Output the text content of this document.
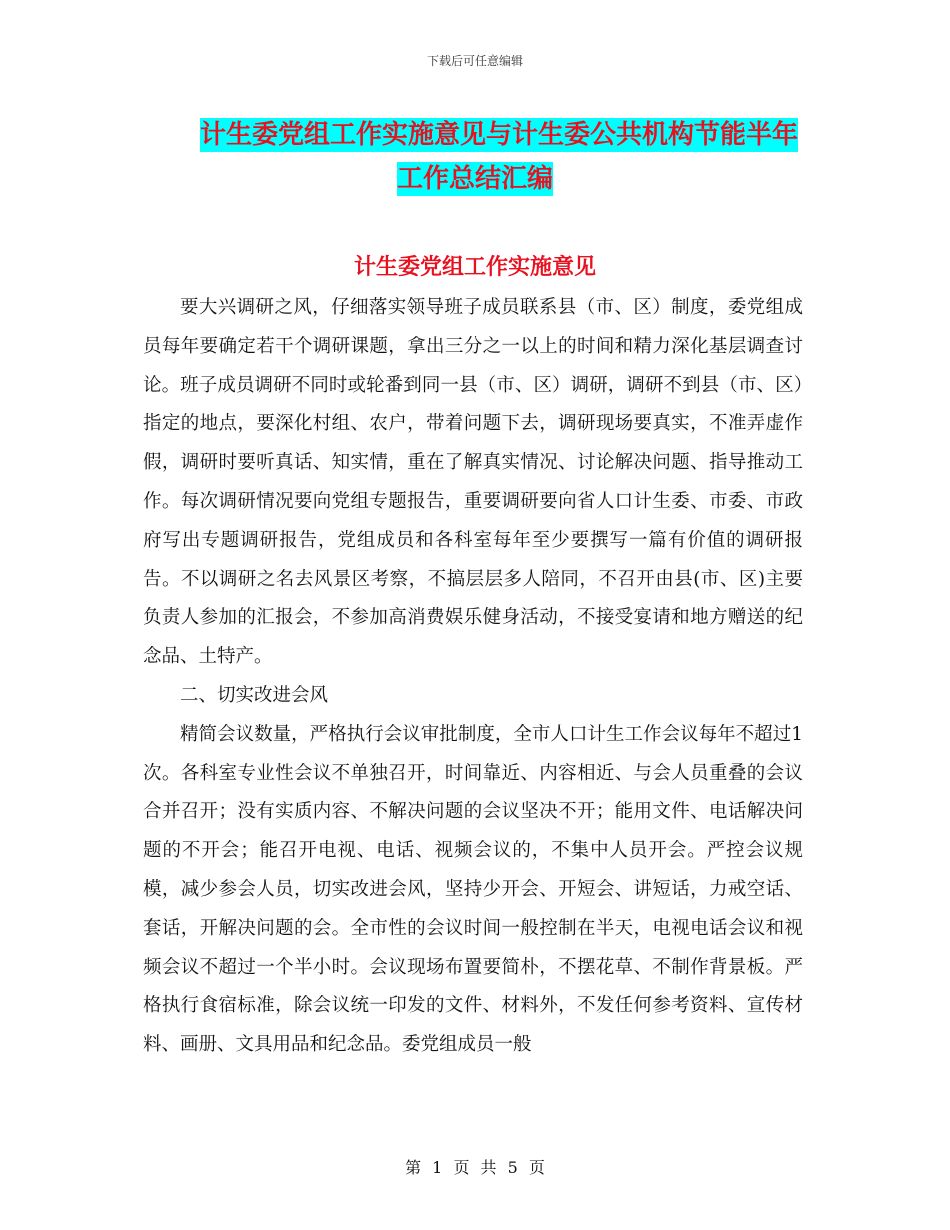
下载后可任意编辑
计生委党组工作实施意见与计生委公共机构节能半年
工作总结汇编
计生委党组工作实施意见

要大兴调研之风，仔细落实领导班子成员联系县（市、区）制度，委党组成员每年要确定若干个调研课题，拿出三分之一以上的时间和精力深化基层调查讨论。班子成员调研不同时或轮番到同一县（市、区）调研，调研不到县（市、区）指定的地点，要深化村组、农户，带着问题下去，调研现场要真实，不准弄虚作假，调研时要听真话、知实情，重在了解真实情况、讨论解决问题、指导推动工作。每次调研情况要向党组专题报告，重要调研要向省人口计生委、市委、市政府写出专题调研报告，党组成员和各科室每年至少要撰写一篇有价值的调研报告。不以调研之名去风景区考察，不搞层层多人陪同，不召开由县(市、区)主要负责人参加的汇报会，不参加高消费娱乐健身活动，不接受宴请和地方赠送的纪念品、土特产。

二、切实改进会风

精简会议数量，严格执行会议审批制度，全市人口计生工作会议每年不超过1次。各科室专业性会议不单独召开，时间靠近、内容相近、与会人员重叠的会议合并召开；没有实质内容、不解决问题的会议坚决不开；能用文件、电话解决问题的不开会；能召开电视、电话、视频会议的，不集中人员开会。严控会议规模，减少参会人员，切实改进会风，坚持少开会、开短会、讲短话，力戒空话、套话，开解决问题的会。全市性的会议时间一般控制在半天，电视电话会议和视频会议不超过一个半小时。会议现场布置要简朴，不摆花草、不制作背景板。严格执行食宿标准，除会议统一印发的文件、材料外，不发任何参考资料、宣传材料、画册、文具用品和纪念品。委党组成员一般

第 1 页 共 5 页
